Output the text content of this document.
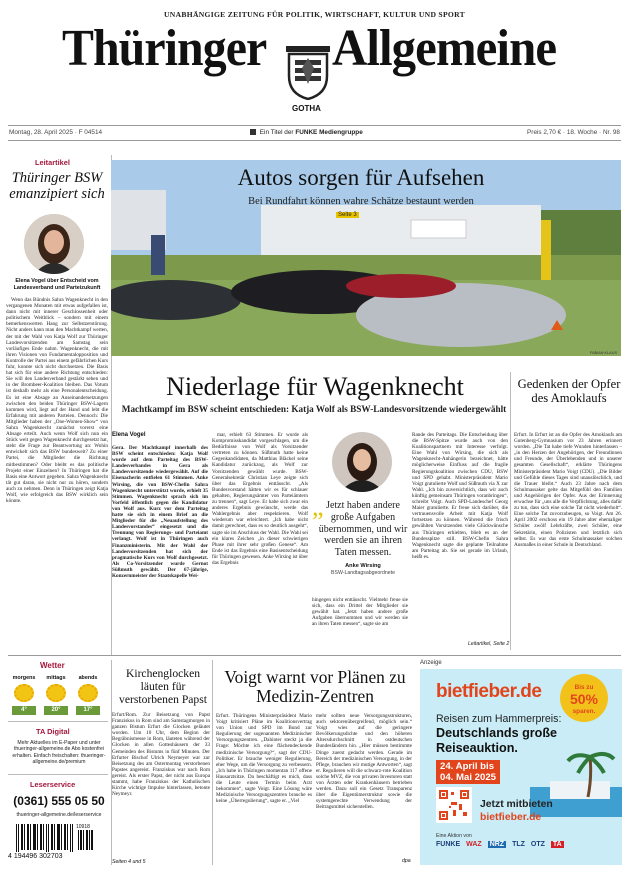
UNABHÄNGIGE ZEITUNG FÜR POLITIK, WIRTSCHAFT, KULTUR UND SPORT
Thüringer Allgemeine
GOTHA
Montag, 28. April 2025 · F 04514	Ein Titel der FUNKE Mediengruppe	Preis 2,70 € · 18. Woche · Nr. 98
Leitartikel
Thüringer BSW emanzipiert sich
Elena Vogel über Entscheid vom Landesverband und Parteizukunft

Wenn das Bündnis Sahra Wagenknecht in den vergangenen Monaten mit etwas aufgefallen ist, dann nicht mit innerer Geschlossenheit oder politischem Weitblick – sondern mit einem bemerkenswerten Hang zur Selbstzerstörung. Nicht anders kann man den Machtkampf werten, der mit der Wahl von Katja Wolf zur Thüringer Landesvorsitzenden am Samstag sein vorläufiges Ende nahm. Wagenknecht, die mit ihren Visionen von Fundamentalopposition und Kontrolle der Partei aus einem gefährlichen Kurs fuhr, konnte sich nicht durchsetzen. Die Basis hat sich für eine andere Richtung entschieden: Sie will den Landesverband gestärkt sehen und in der Brombeer-Koalition bleiben. Das Votum ist deshalb mehr als eine Personalentscheidung. Es ist eine Absage an Auseinandersetzungen zwischen den beiden Thüringer BSW-Lagern kommen wird, liegt auf der Hand und lebt die Erfahrung mit anderen Parteien. Dennoch: Die Mitglieder haben der „One-Women-Show“ von Sahra Wagenknecht zunächst vorerst eine Absage erteilt. Auch wenn Wolf sich nun ein Stück weit gegen Wagenknecht durchgesetzt hat, steht die Frage zur Beantwortung an: Wohin entwickelt sich das BSW bundesweit? Zu einer Partei, die Mitglieder die Richtung mitbestimmen? Oder bleibt es das politische Projekt einer Einzelnen? In Thüringen hat die Basis eine Antwort gegeben. Sahra Wagenknecht tät gut daran, sie nicht nur zu hören, sondern auch zu nehmen. Denn in Thüringen zeigt Katja Wolf, wie erfolgreich das BSW wirklich sein könnte.

Autos sorgen für Aufsehen
Bei Rundfahrt können wahre Schätze bestaunt werden
Seite 3
FABIAN KLAUS
Niederlage für Wagenknecht
Machtkampf im BSW scheint entschieden: Katja Wolf als BSW-Landesvorsitzende wiedergewählt
Elena Vogel

Gera. Der Machtkampf innerhalb des BSW scheint entschieden: Katja Wolf wurde auf dem Parteitag des BSW-Landesverbandes in Gera als Landesvorsitzende wiedergewählt. Auf die Eisenacherin entfielen 61 Stimmen. Anke Wirsing, die von BSW-Chefin Sahra Wagenknecht unterstützt wurde, erhielt 35 Stimmen. Wagenknecht sprach sich im Vorfeld öffentlich gegen die Kandidatur von Wolf aus. Kurz vor dem Parteitag hatte sie sich in einem Brief an die Mitglieder für die „Neuaufstellung des Landesvorstandes“ eingesetzt und die Trennung von Regierungs- und Parteiamt verlangt. Wolf ist in Thüringen auch Finanzministerin. Mit der Wahl der Landesvorsitzenden hat sich der pragmatische Kurs von Wolf durchgesetzt. Als Co-Vorsitzender wurde Gernot Süßmuth gewählt. Der 67-jährige, Konzernmeister der Staatskapelle Wei-

mar, erhielt 63 Stimmen. Er wurde als Kompromisskandidat vorgeschlagen, um die Bedürfnisse von Wolf als Vorsitzender vertreten zu können. Süßmuth hatte keine Gegenkandidaten, da Matthias Bläckel seine Kandidatur zurückzog, als Wolf zur Vorsitzenden gewählt wurde. BSW-Generalsekretär Christian Leye zeigte sich über das Ergebnis enttäuscht. „Als Bundesvorstand hätten wir es für schlauer gehalten, Regierungsämter von Parteiämtern zu trennen“, sagt Leye. Er habe sich zwar ein anderes Ergebnis gewünscht, werde das Wahlergebnis aber respektieren. Wolf wiederum war erleichtert. „Ich habe nicht damit gerechnet, dass es so deutlich ausgeht“, sagte sie im Anschluss der Wahl. Die Wahl sei ein klares Zeichen „in dieser schwierigen Phase mit ihrer sehr großen Genese“. Am Ende ist das Ergebnis eine Basisentscheidung für Thüringen gewesen. Anke Wirsing ist über das Ergebnis

„ Jetzt haben andere große Aufgaben übernommen, und wir werden sie an ihren Taten messen.
Anke Wirsing
BSW-Landtagsabgeordnete

hingegen nicht enttäuscht. Vielmehr freue sie sich, dass ein Drittel der Mitglieder sie gewählt hat. „Jetzt haben andere große Aufgaben übernommen und wir werden sie an ihren Taten messen“, sagte sie am

Rande des Parteitags. Die Entscheidung über die BSW-Spitze wurde auch von den Koalitionspartnern mit Interesse verfolgt. Eine Wahl von Wirsing, die sich als Wagenknecht-Anhängerin bezeichnet, hätte möglicherweise Einfluss auf die fragile Regierungskoalition zwischen CDU, BSW und SPD gehabt. Ministerpräsident Mario Voigt gratulierte Wolf und Süßmuth via X zur Wahl. „Ich bin zuversichtlich, dass wir auch künftig gemeinsam Thüringen voranbringen“, schreibt Voigt. Auch SPD-Landeschef Georg Maier gratulierte. Er freue sich darüber, die vertrauensvolle Arbeit mit Katja Wolf fortsetzen zu können. Während die frisch gewählten Vorsitzenden viele Glückwünsche aus Thüringen erhielten, blieb es an der Bundesspitze still. BSW-Chefin Sahra Wagenknecht sagte die geplante Teilnahme am Parteitag ab. Sie sei gerade im Urlaub, heißt es.

Leitartikel, Seite 2
Gedenken der Opfer des Amoklaufs

Erfurt. In Erfurt ist an die Opfer des Amoklaufs am Gutenberg-Gymnasium vor 23 Jahren erinnert worden. „Die Tat habe tiefe Wunden hinterlassen – „in den Herzen der Angehörigen, der Freundinnen und Freunde, der Überlebenden und in unserer gesamten Gesellschaft“, erklärte Thüringens Ministerpräsident Mario Voigt (CDU). „Die Bilder und Gefühle dieses Tages sind unauslöschlich, und die Trauer bleibt.“ Auch 23 Jahre nach dem Schulmassaker gelte das Mitgefühl den Familien und Angehörigen der Opfer. Aus der Erinnerung erwachse für „uns alle die Verpflichtung, alles dafür zu tun, dass sich eine solche Tat nicht wiederholt“. Eine solche Tat zuvorzubeugen, so Voigt. Am 26. April 2002 erschoss ein 19 Jahre alter ehemaliger Schüler zwölf Lehrkräfte, zwei Schüler, eine Sekretärin, einen Polizisten und letztlich sich selbst. Es war das erste Schulmassaker solchen Ausmaßes in einer Schule in Deutschland.

Wetter
morgens	mittags	abends
4°	20°	17°
TA Digital
Mehr Aktuelles im E-Paper und unter thueringer-allgemeine.de Abo kostenfrei erhalten. Einfach freischalten: thueringer-allgemeine.de/premium
Leserservice
(0361) 555 05 50
thueringer-allgemeine.de/leserservice
10918
4 194496 302703
Kirchenglocken läuten für verstorbenen Papst

Erfurt/Rom. Zur Beisetzung von Papst Franziskus in Rom sind am Samstagmorgen in ganzen Bistum Erfurt die Glocken geläutet worden. Um 10 Uhr, dem Beginn der Begräbnismesse in Rom, läuteten während der Glocken in allen Gotteshäusern der 33 Gemeinden des Bistums in fünf Minuten. Der Erfurter Bischof Ulrich Neymeyer war zur Beisetzung des am Ostermontag verstorbenen Papstes angereist. Franziskus war nach Rom gereist. Als erster Papst, der nicht aus Europa stammt, habe Franziskus der Katholischen Kirche wichtige Impulse hinterlassen, betonte Neymeyr.

Seiten 4 und 5
Voigt warnt vor Plänen zu Medizin-Zentren

Erfurt. Thüringens Ministerpräsident Mario Voigt kritisiert Pläne im Koalitionsvertrag von Union und SPD im Bund zur Regulierung der sogenannten Medizinischer Versorgungszentren. „Dahinter steckt ja die Frage: Möchte ich eine flächendeckende medizinische Versorgung?“, sagt der CDU-Politiker. Er brauche weniger Regulierung, eher Wege, um die Versorgung zu verbessern. „Ich habe in Thüringen momentan 117 offene Hausarztsitze. Da beschäftigt es mich, dass die Leute einen Termin beim Arzt bekommen“, sagte Voigt. Eine Lösung wäre Medizinische Versorgungszentren brauche es keine „Überregulierung“, sagte er. „Viel

mehr sollten neue Versorgungsstrukturen, auch sektorenübergreifend, möglich sein.“ Voigt wies auf die geringere Bevölkerungsdichte und den höheren Altersdurchschnitt in ostdeutschen Bundesländern hin. „Hier müssen bestimmte Dinge zuerst gedacht werden. Gerade im Bereich der medizinischen Versorgung, in der Pflege, brauchen wir mutige Antworten“, sagt er. Regulieren will die schwarz-rote Koalition solche MVZ, die von privaten Investoren statt von Ärzten oder Krankenhäusern betrieben werden. Dazu soll ein Gesetz Transparenz über die Eigentümerstruktur sowie die systemgerechte Verwendung der Beitragsmittel sicherstellen.

dpa
Anzeige
bietfieber.de	Bis zu
50%
sparen.
Reisen zum Hammerpreis:
Deutschlands große
Reiseauktion.
24. April bis
04. Mai 2025
Jetzt mitbieten
bietfieber.de
Eine Aktion von
FUNKE WAZ NRZ TLZ OTZ TA
